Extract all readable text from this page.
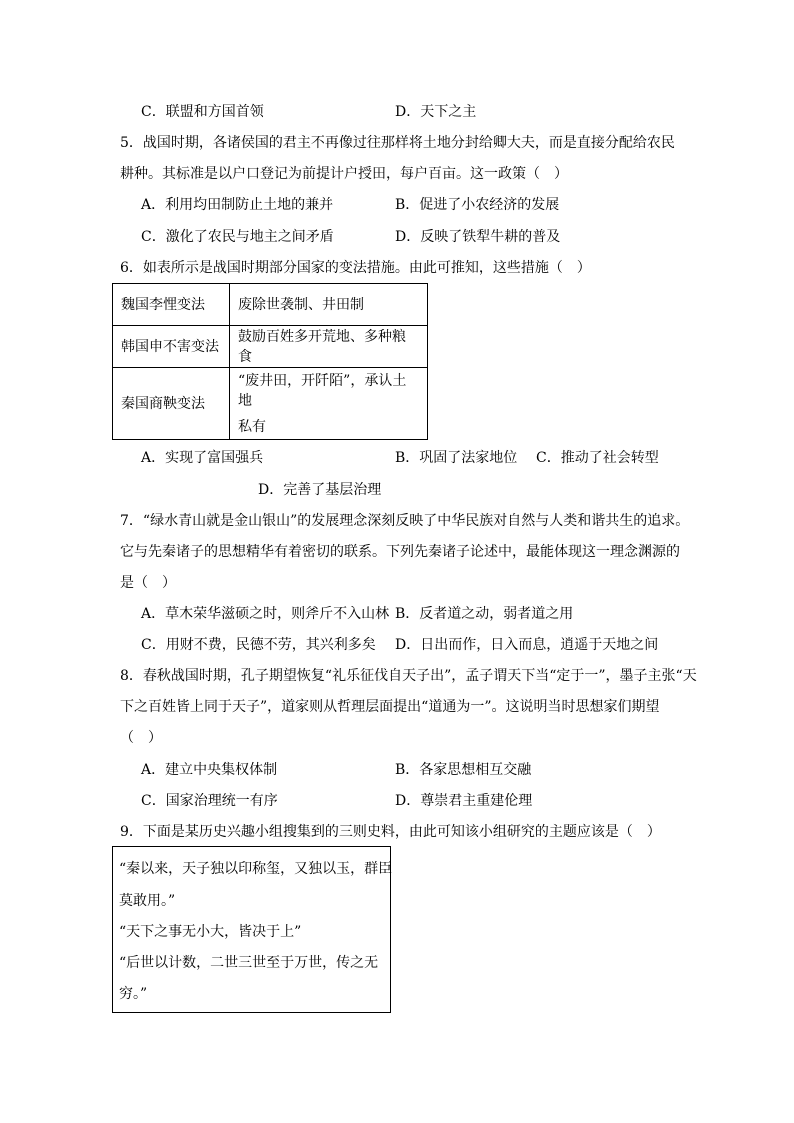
C．联盟和方国首领	D．天下之主
5．战国时期，各诸侯国的君主不再像过往那样将土地分封给卿大夫，而是直接分配给农民
耕种。其标准是以户口登记为前提计户授田，每户百亩。这一政策（　）
A．利用均田制防止土地的兼并	B．促进了小农经济的发展
C．激化了农民与地主之间矛盾	D．反映了铁犁牛耕的普及
6．如表所示是战国时期部分国家的变法措施。由此可推知，这些措施（　）
魏国李悝变法	废除世袭制、井田制
韩国申不害变法	鼓励百姓多开荒地、多种粮食
秦国商鞅变法	“废井田，开阡陌”，承认土地
私有
A．实现了富国强兵	B．巩固了法家地位 C．推动了社会转型
D．完善了基层治理
7．“绿水青山就是金山银山”的发展理念深刻反映了中华民族对自然与人类和谐共生的追求。
它与先秦诸子的思想精华有着密切的联系。下列先秦诸子论述中，最能体现这一理念渊源的
是（　）
A．草木荣华滋硕之时，则斧斤不入山林 B．反者道之动，弱者道之用
C．用财不费，民德不劳，其兴利多矣 D．日出而作，日入而息，逍遥于天地之间
8．春秋战国时期，孔子期望恢复“礼乐征伐自天子出”，孟子谓天下当“定于一”，墨子主张“天
下之百姓皆上同于天子”，道家则从哲理层面提出“道通为一”。这说明当时思想家们期望
（　）
A．建立中央集权体制	B．各家思想相互交融
C．国家治理统一有序	D．尊崇君主重建伦理
9．下面是某历史兴趣小组搜集到的三则史料，由此可知该小组研究的主题应该是（　）
“秦以来，天子独以印称玺，又独以玉，群臣
莫敢用。”
“天下之事无小大，皆决于上”
“后世以计数，二世三世至于万世，传之无
穷。”
